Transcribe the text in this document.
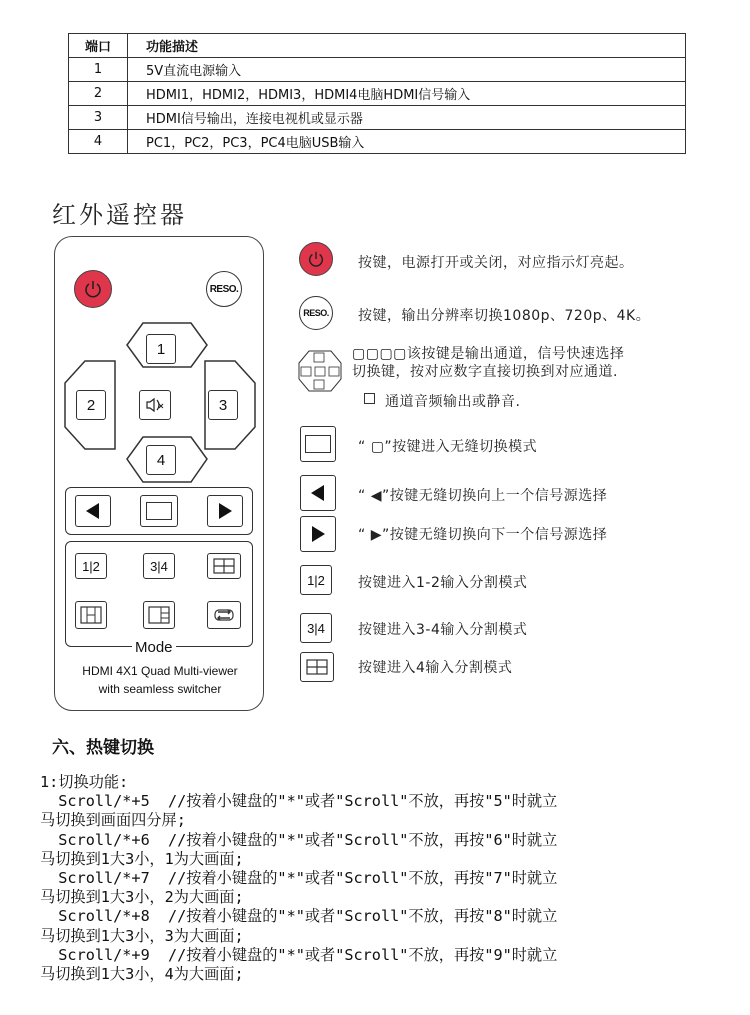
端口	功能描述
1	5V直流电源输入
2	HDMI1，HDMI2，HDMI3，HDMI4电脑HDMI信号输入
3	HDMI信号输出，连接电视机或显示器
4	PC1，PC2，PC3，PC4电脑USB输入
红外遥控器
RESO.
1
2	3
4
1|2	3|4
Mode
HDMI 4X1 Quad Multi-viewer
with seamless switcher
按键，电源打开或关闭，对应指示灯亮起。
RESO.	按键，输出分辨率切换1080p、720p、4K。
▢▢▢▢该按键是输出通道，信号快速选择
切换键，按对应数字直接切换到对应通道.
通道音频输出或静音.
“ ▢”按键进入无缝切换模式
“ ◀”按键无缝切换向上一个信号源选择
“ ▶”按键无缝切换向下一个信号源选择
1|2	按键进入1-2输入分割模式
3|4	按键进入3-4输入分割模式
按键进入4输入分割模式
六、热键切换
1:切换功能:
Scroll/*+5  //按着小键盘的"*"或者"Scroll"不放，再按"5"时就立
马切换到画面四分屏;
Scroll/*+6  //按着小键盘的"*"或者"Scroll"不放，再按"6"时就立
马切换到1大3小，1为大画面;
Scroll/*+7  //按着小键盘的"*"或者"Scroll"不放，再按"7"时就立
马切换到1大3小，2为大画面;
Scroll/*+8  //按着小键盘的"*"或者"Scroll"不放，再按"8"时就立
马切换到1大3小，3为大画面;
Scroll/*+9  //按着小键盘的"*"或者"Scroll"不放，再按"9"时就立
马切换到1大3小，4为大画面;
